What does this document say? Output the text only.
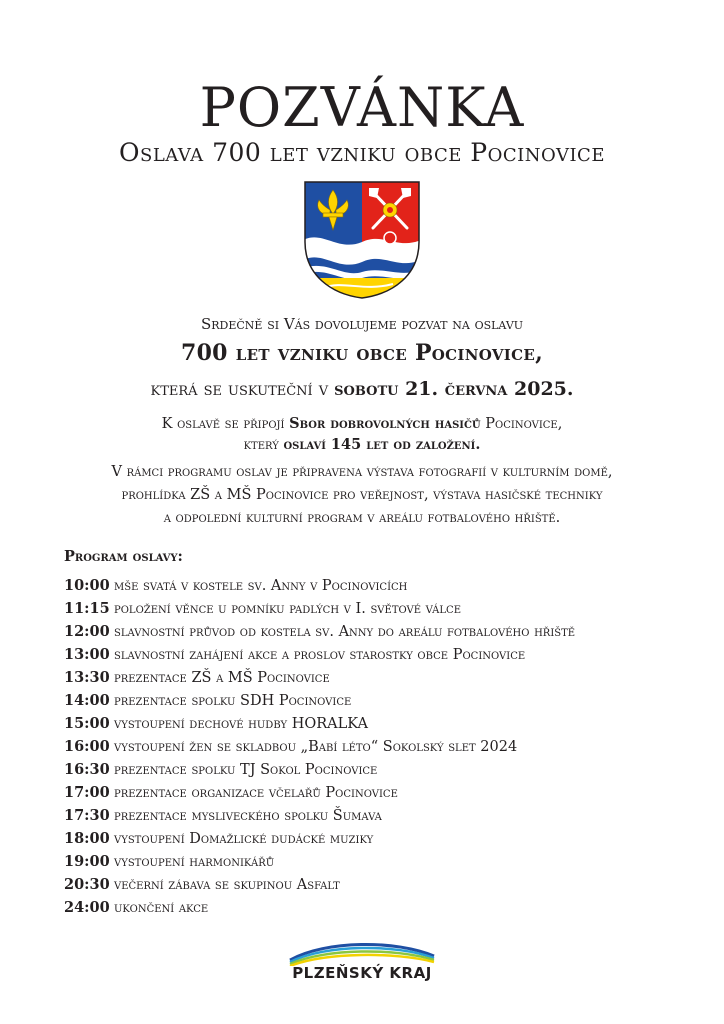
POZVÁNKA
Oslava 700 let vzniku obce Pocinovice
Srdečně si Vás dovolujeme pozvat na oslavu
700 let vzniku obce Pocinovice,
která se uskuteční v sobotu 21. června 2025.
K oslavě se připojí Sbor dobrovolných hasičů Pocinovice,
který oslaví 145 let od založení.
V rámci programu oslav je připravena výstava fotografií v kulturním domě,
prohlídka ZŠ a MŠ Pocinovice pro veřejnost, výstava hasičské techniky
a odpolední kulturní program v areálu fotbalového hřiště.
Program oslavy:
10:00 mše svatá v kostele sv. Anny v Pocinovicích
11:15 položení věnce u pomníku padlých v I. světové válce
12:00 slavnostní průvod od kostela sv. Anny do areálu fotbalového hřiště
13:00 slavnostní zahájení akce a proslov starostky obce Pocinovice
13:30 prezentace ZŠ a MŠ Pocinovice
14:00 prezentace spolku SDH Pocinovice
15:00 vystoupení dechové hudby HORALKA
16:00 vystoupení žen se skladbou „Babí léto“ Sokolský slet 2024
16:30 prezentace spolku TJ Sokol Pocinovice
17:00 prezentace organizace včelařů Pocinovice
17:30 prezentace mysliveckého spolku Šumava
18:00 vystoupení Domažlické dudácké muziky
19:00 vystoupení harmonikářů
20:30 večerní zábava se skupinou Asfalt
24:00 ukončení akce
PLZEŇSKÝ KRAJ
